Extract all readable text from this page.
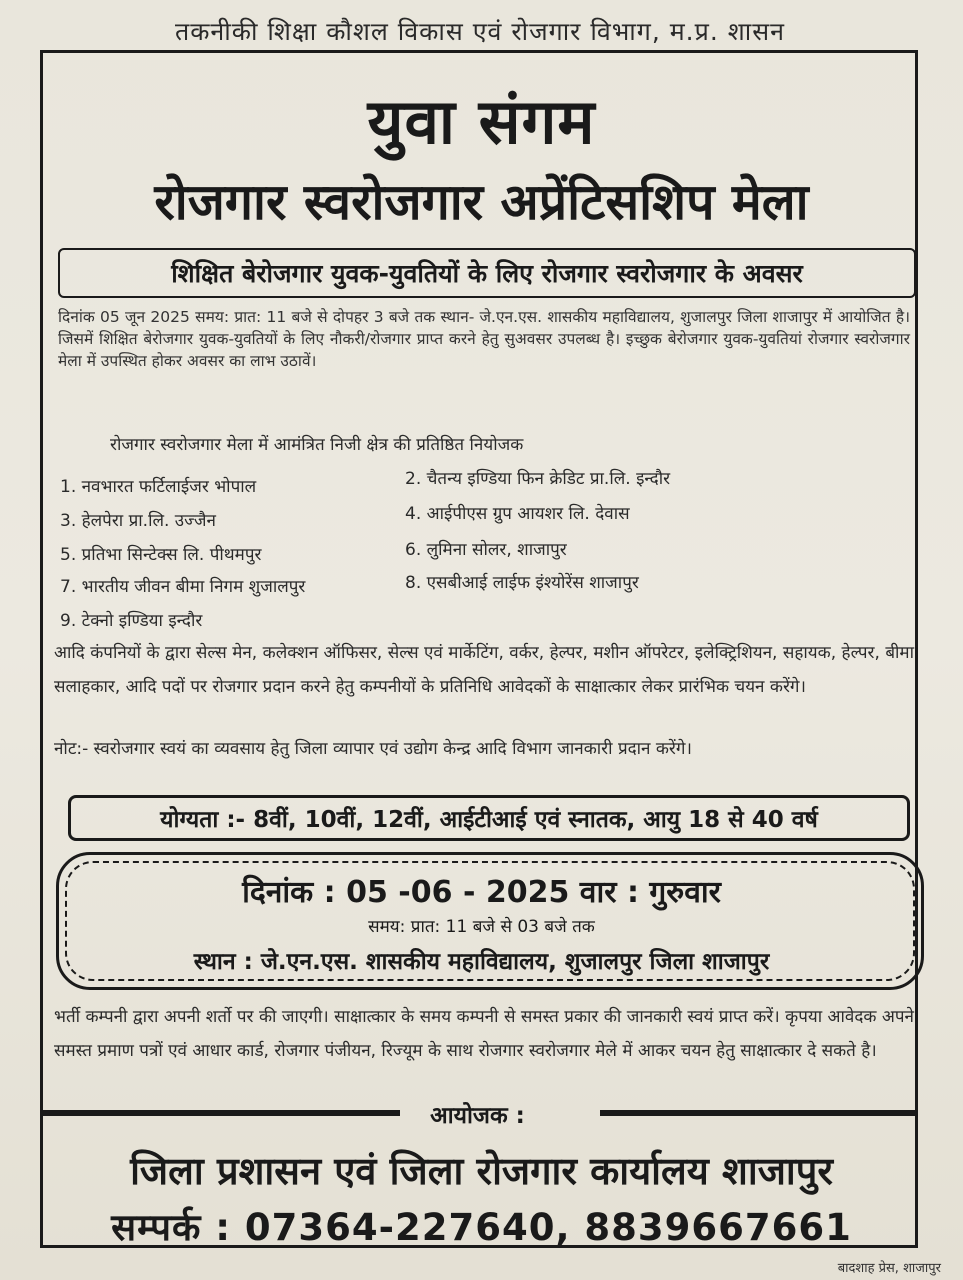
तकनीकी शिक्षा कौशल विकास एवं रोजगार विभाग, म.प्र. शासन
युवा संगम
रोजगार स्वरोजगार अप्रेंटिसशिप मेला
शिक्षित बेरोजगार युवक-युवतियों के लिए रोजगार स्वरोजगार के अवसर
दिनांक 05 जून 2025 समय: प्रात: 11 बजे से दोपहर 3 बजे तक स्थान- जे.एन.एस. शासकीय महाविद्यालय, शुजालपुर जिला शाजापुर में आयोजित है। जिसमें शिक्षित बेरोजगार युवक-युवतियों के लिए नौकरी/रोजगार प्राप्त करने हेतु सुअवसर उपलब्ध है। इच्छुक बेरोजगार युवक-युवतियां रोजगार स्वरोजगार मेला में उपस्थित होकर अवसर का लाभ उठावें।
रोजगार स्वरोजगार मेला में आमंत्रित निजी क्षेत्र की प्रतिष्ठित नियोजक
1. नवभारत फर्टिलाईजर भोपाल	2. चैतन्य इण्डिया फिन क्रेडिट प्रा.लि. इन्दौर
3. हेलपेरा प्रा.लि. उज्जैन	4. आईपीएस ग्रुप आयशर लि. देवास
5. प्रतिभा सिन्टेक्स लि. पीथमपुर	6. लुमिना सोलर, शाजापुर
7. भारतीय जीवन बीमा निगम शुजालपुर	8. एसबीआई लाईफ इंश्योरेंस शाजापुर
9. टेक्नो इण्डिया इन्दौर
आदि कंपनियों के द्वारा सेल्स मेन, कलेक्शन ऑफिसर, सेल्स एवं मार्केटिंग, वर्कर, हेल्पर, मशीन ऑपरेटर, इलेक्ट्रिशियन, सहायक, हेल्पर, बीमा सलाहकार, आदि पदों पर रोजगार प्रदान करने हेतु कम्पनीयों के प्रतिनिधि आवेदकों के साक्षात्कार लेकर प्रारंभिक चयन करेंगे।
नोट:- स्वरोजगार स्वयं का व्यवसाय हेतु जिला व्यापार एवं उद्योग केन्द्र आदि विभाग जानकारी प्रदान करेंगे।
योग्यता :- 8वीं, 10वीं, 12वीं, आईटीआई एवं स्नातक, आयु 18 से 40 वर्ष
दिनांक : 05 -06 - 2025 वार : गुरुवार
समय: प्रात: 11 बजे से 03 बजे तक
स्थान : जे.एन.एस. शासकीय महाविद्यालय, शुजालपुर जिला शाजापुर
भर्ती कम्पनी द्वारा अपनी शर्तो पर की जाएगी। साक्षात्कार के समय कम्पनी से समस्त प्रकार की जानकारी स्वयं प्राप्त करें। कृपया आवेदक अपने समस्त प्रमाण पत्रों एवं आधार कार्ड, रोजगार पंजीयन, रिज्यूम के साथ रोजगार स्वरोजगार मेले में आकर चयन हेतु साक्षात्कार दे सकते है।
आयोजक :
जिला प्रशासन एवं जिला रोजगार कार्यालय शाजापुर
सम्पर्क : 07364-227640, 8839667661
बादशाह प्रेस, शाजापुर
